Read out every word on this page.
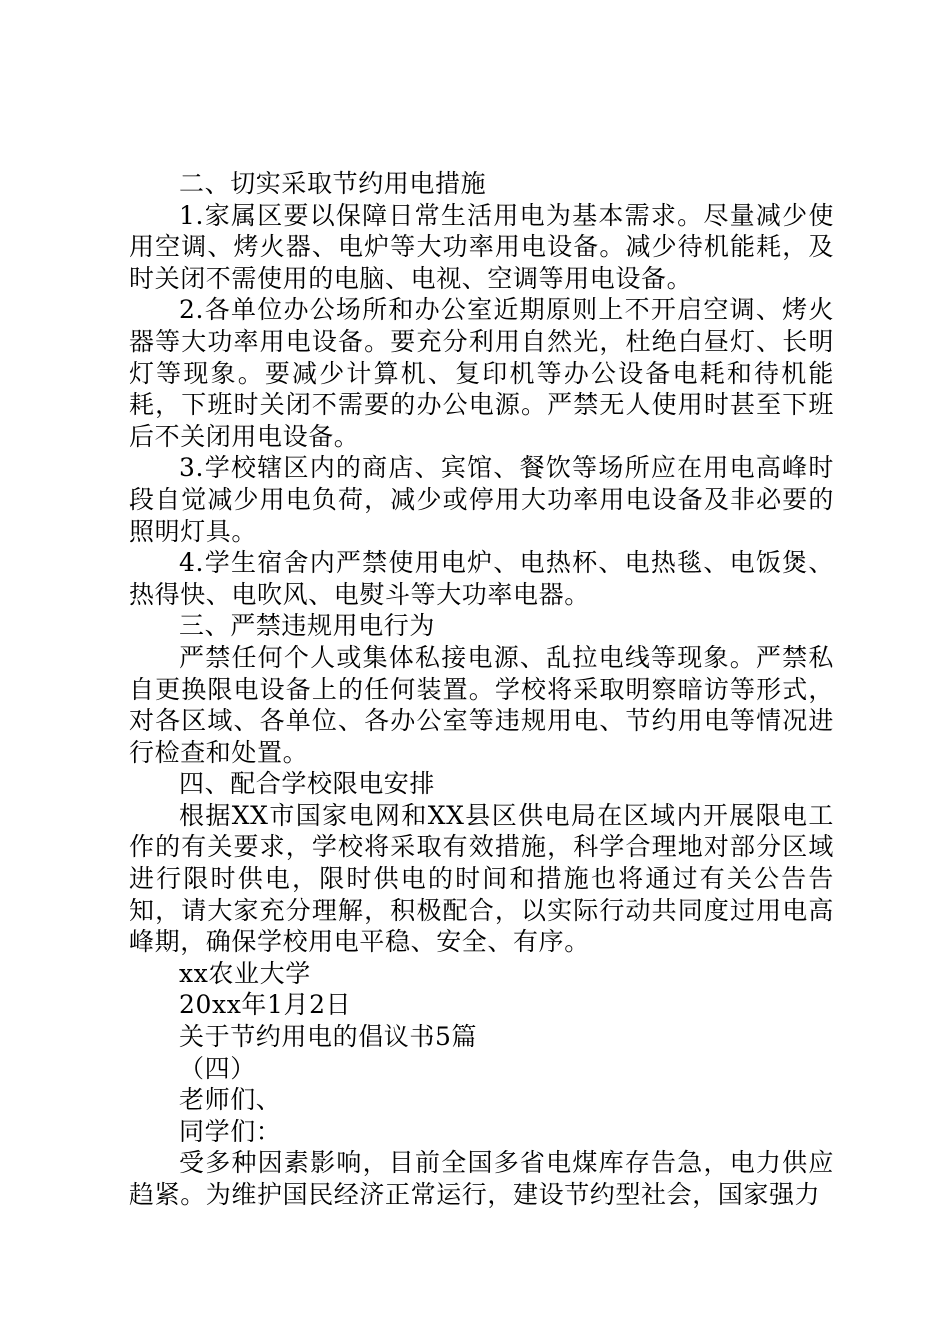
二、切实采取节约用电措施

1.家属区要以保障日常生活用电为基本需求。尽量减少使用空调、烤火器、电炉等大功率用电设备。减少待机能耗，及时关闭不需使用的电脑、电视、空调等用电设备。

2.各单位办公场所和办公室近期原则上不开启空调、烤火器等大功率用电设备。要充分利用自然光，杜绝白昼灯、长明灯等现象。要减少计算机、复印机等办公设备电耗和待机能耗，下班时关闭不需要的办公电源。严禁无人使用时甚至下班后不关闭用电设备。

3.学校辖区内的商店、宾馆、餐饮等场所应在用电高峰时段自觉减少用电负荷，减少或停用大功率用电设备及非必要的照明灯具。

4.学生宿舍内严禁使用电炉、电热杯、电热毯、电饭煲、热得快、电吹风、电熨斗等大功率电器。

三、严禁违规用电行为

严禁任何个人或集体私接电源、乱拉电线等现象。严禁私自更换限电设备上的任何装置。学校将采取明察暗访等形式，对各区域、各单位、各办公室等违规用电、节约用电等情况进行检查和处置。

四、配合学校限电安排

根据XX市国家电网和XX县区供电局在区域内开展限电工作的有关要求，学校将采取有效措施，科学合理地对部分区域进行限时供电，限时供电的时间和措施也将通过有关公告告知，请大家充分理解，积极配合，以实际行动共同度过用电高峰期，确保学校用电平稳、安全、有序。

xx农业大学

20xx年1月2日

关于节约用电的倡议书5篇

（四）

老师们、

同学们：

受多种因素影响，目前全国多省电煤库存告急，电力供应趋紧。为维护国民经济正常运行，建设节约型社会，国家强力
